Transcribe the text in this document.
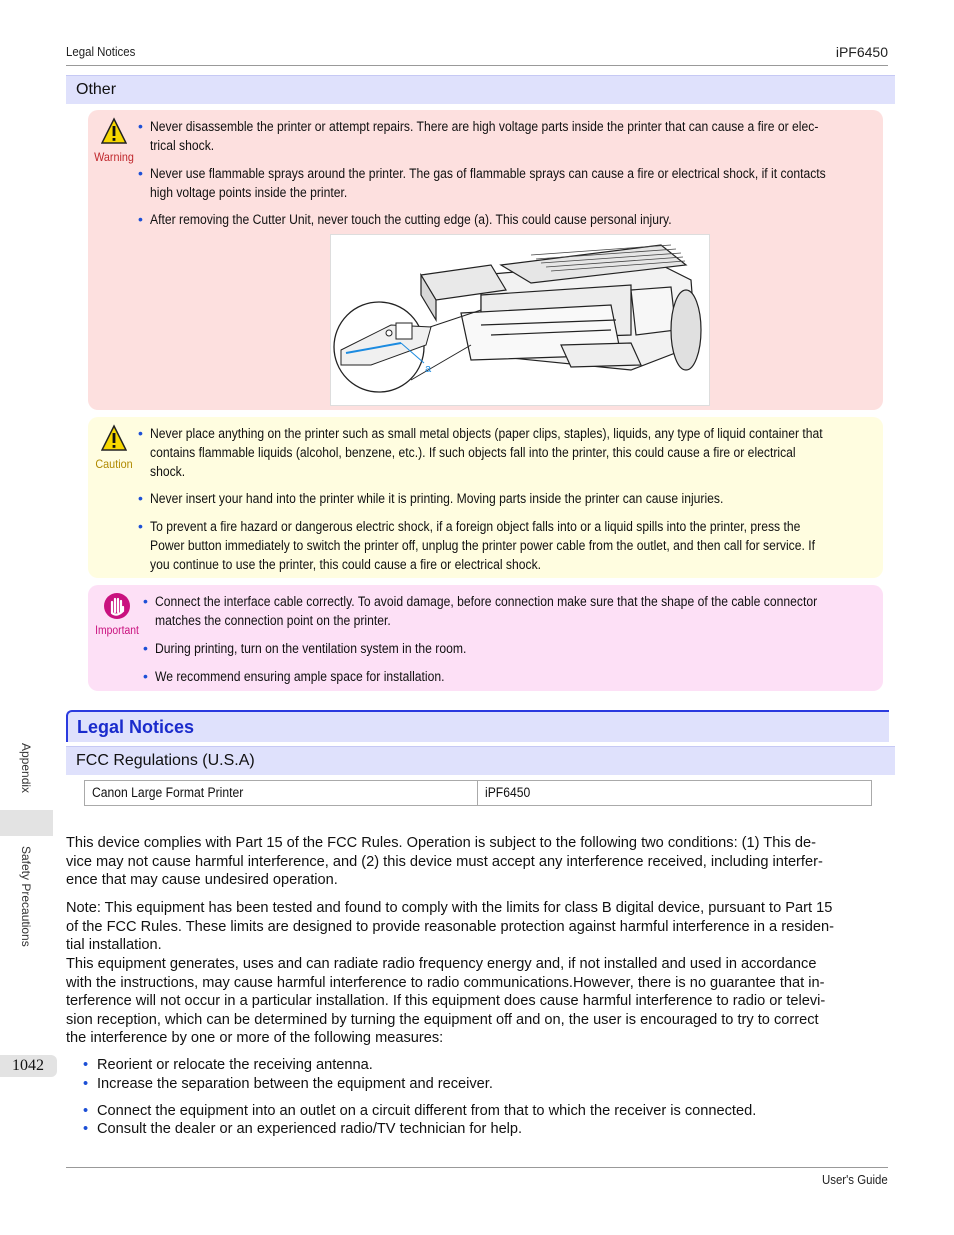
Legal Notices	iPF6450
Other
Warning
• Never disassemble the printer or attempt repairs. There are high voltage parts inside the printer that can cause a fire or elec-
trical shock.
• Never use flammable sprays around the printer. The gas of flammable sprays can cause a fire or electrical shock, if it contacts
high voltage points inside the printer.
• After removing the Cutter Unit, never touch the cutting edge (a). This could cause personal injury.
a
Caution
• Never place anything on the printer such as small metal objects (paper clips, staples), liquids, any type of liquid container that
contains flammable liquids (alcohol, benzene, etc.). If such objects fall into the printer, this could cause a fire or electrical
shock.
• Never insert your hand into the printer while it is printing. Moving parts inside the printer can cause injuries.
• To prevent a fire hazard or dangerous electric shock, if a foreign object falls into or a liquid spills into the printer, press the
Power button immediately to switch the printer off, unplug the printer power cable from the outlet, and then call for service. If
you continue to use the printer, this could cause a fire or electrical shock.
Important
• Connect the interface cable correctly. To avoid damage, before connection make sure that the shape of the cable connector
matches the connection point on the printer.
• During printing, turn on the ventilation system in the room.
• We recommend ensuring ample space for installation.
Legal Notices
FCC Regulations (U.S.A)
Canon Large Format Printer	iPF6450
This device complies with Part 15 of the FCC Rules. Operation is subject to the following two conditions: (1) This de-
vice may not cause harmful interference, and (2) this device must accept any interference received, including interfer-
ence that may cause undesired operation.
Note: This equipment has been tested and found to comply with the limits for class B digital device, pursuant to Part 15
of the FCC Rules. These limits are designed to provide reasonable protection against harmful interference in a residen-
tial installation.
This equipment generates, uses and can radiate radio frequency energy and, if not installed and used in accordance
with the instructions, may cause harmful interference to radio communications.However, there is no guarantee that in-
terference will not occur in a particular installation. If this equipment does cause harmful interference to radio or televi-
sion reception, which can be determined by turning the equipment off and on, the user is encouraged to try to correct
the interference by one or more of the following measures:
• Reorient or relocate the receiving antenna.
• Increase the separation between the equipment and receiver.
• Connect the equipment into an outlet on a circuit different from that to which the receiver is connected.
• Consult the dealer or an experienced radio/TV technician for help.
Appendix
Safety Precautions
1042
User's Guide
